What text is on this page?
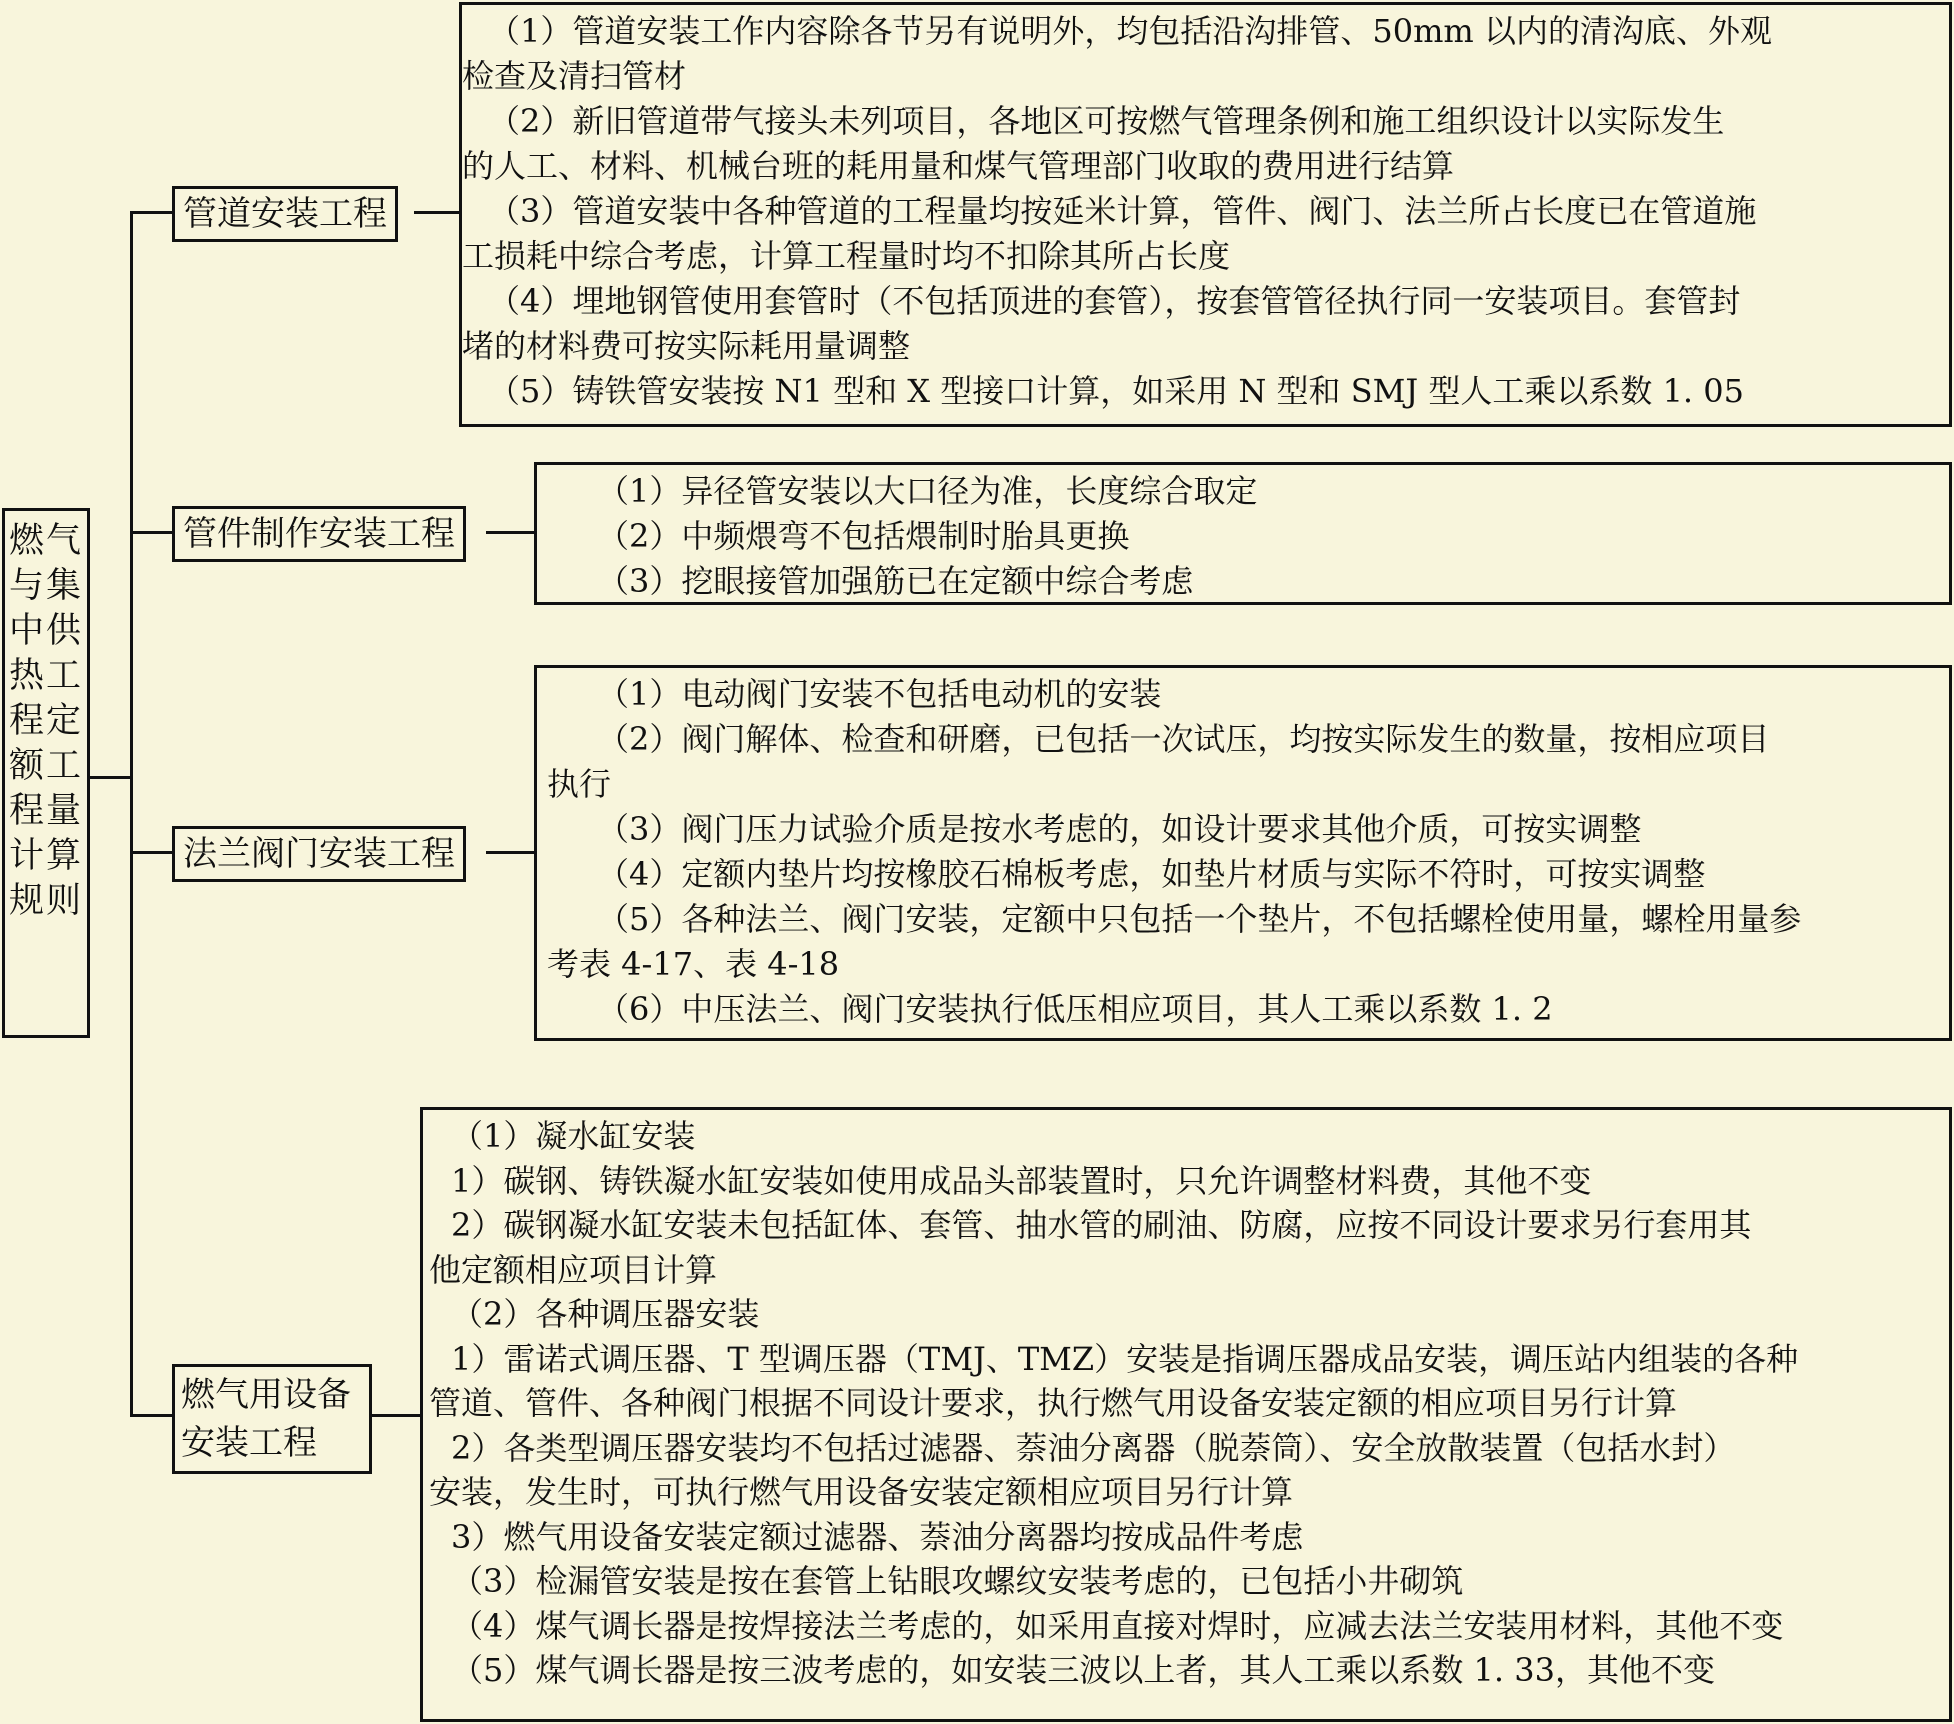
燃气与集中供热工程定额工程量计算规则
管道安装工程
管件制作安装工程
法兰阀门安装工程
燃气用设备安装工程

（1）管道安装工作内容除各节另有说明外，均包括沿沟排管、50mm 以内的清沟底、外观

检查及清扫管材

（2）新旧管道带气接头未列项目，各地区可按燃气管理条例和施工组织设计以实际发生

的人工、材料、机械台班的耗用量和煤气管理部门收取的费用进行结算

（3）管道安装中各种管道的工程量均按延米计算，管件、阀门、法兰所占长度已在管道施

工损耗中综合考虑，计算工程量时均不扣除其所占长度

（4）埋地钢管使用套管时（不包括顶进的套管），按套管管径执行同一安装项目。套管封

堵的材料费可按实际耗用量调整

（5）铸铁管安装按 N1 型和 X 型接口计算，如采用 N 型和 SMJ 型人工乘以系数 1. 05

（1）异径管安装以大口径为准，长度综合取定

（2）中频煨弯不包括煨制时胎具更换

（3）挖眼接管加强筋已在定额中综合考虑

（1）电动阀门安装不包括电动机的安装

（2）阀门解体、检查和研磨，已包括一次试压，均按实际发生的数量，按相应项目

执行

（3）阀门压力试验介质是按水考虑的，如设计要求其他介质，可按实调整

（4）定额内垫片均按橡胶石棉板考虑，如垫片材质与实际不符时，可按实调整

（5）各种法兰、阀门安装，定额中只包括一个垫片，不包括螺栓使用量，螺栓用量参

考表 4-17、表 4-18

（6）中压法兰、阀门安装执行低压相应项目，其人工乘以系数 1. 2

（1）凝水缸安装

1）碳钢、铸铁凝水缸安装如使用成品头部装置时，只允许调整材料费，其他不变

2）碳钢凝水缸安装未包括缸体、套管、抽水管的刷油、防腐，应按不同设计要求另行套用其

他定额相应项目计算

（2）各种调压器安装

1）雷诺式调压器、T 型调压器（TMJ、TMZ）安装是指调压器成品安装，调压站内组装的各种

管道、管件、各种阀门根据不同设计要求，执行燃气用设备安装定额的相应项目另行计算

2）各类型调压器安装均不包括过滤器、萘油分离器（脱萘筒）、安全放散装置（包括水封）

安装，发生时，可执行燃气用设备安装定额相应项目另行计算

3）燃气用设备安装定额过滤器、萘油分离器均按成品件考虑

（3）检漏管安装是按在套管上钻眼攻螺纹安装考虑的，已包括小井砌筑

（4）煤气调长器是按焊接法兰考虑的，如采用直接对焊时，应减去法兰安装用材料，其他不变

（5）煤气调长器是按三波考虑的，如安装三波以上者，其人工乘以系数 1. 33，其他不变
